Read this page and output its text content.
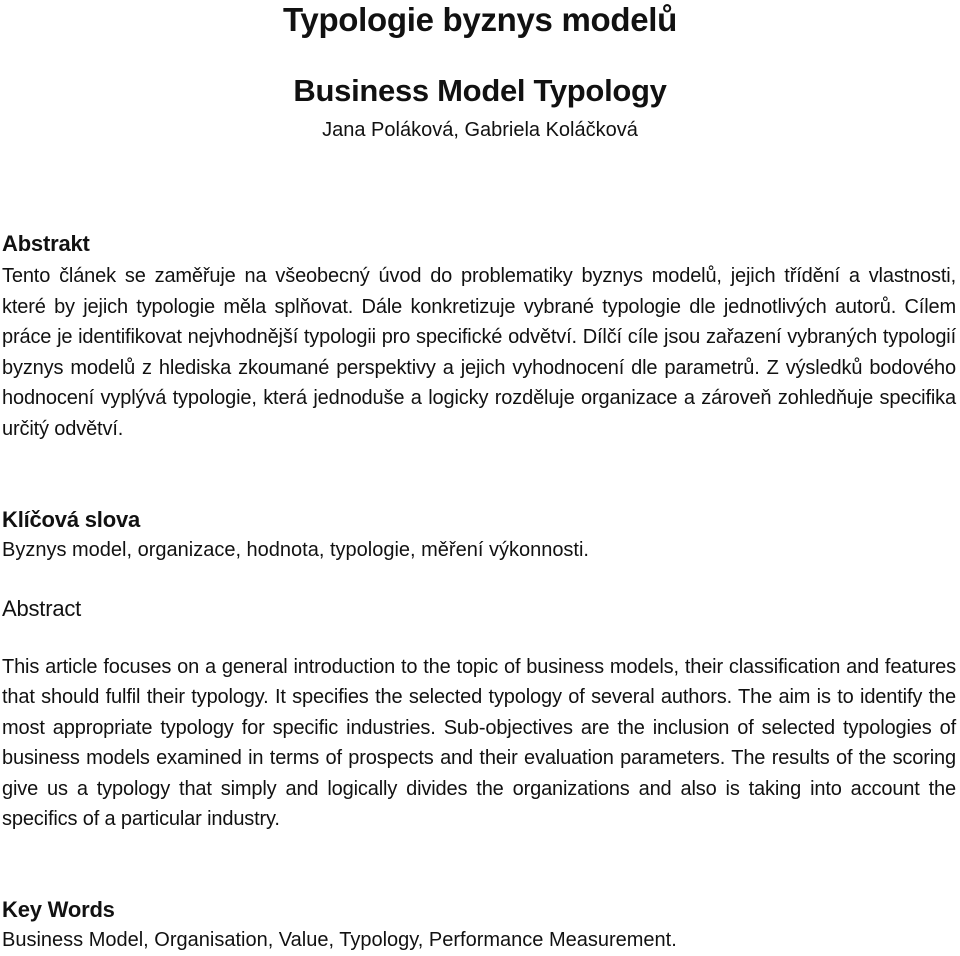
Typologie byznys modelů
Business Model Typology
Jana Poláková, Gabriela Koláčková
Abstrakt
Tento článek se zaměřuje na všeobecný úvod do problematiky byznys modelů, jejich třídění a vlastnosti, které by jejich typologie měla splňovat. Dále konkretizuje vybrané typologie dle jednotlivých autorů. Cílem práce je identifikovat nejvhodnější typologii pro specifické odvětví. Dílčí cíle jsou zařazení vybraných typologií byznys modelů z hlediska zkoumané perspektivy a jejich vyhodnocení dle parametrů. Z výsledků bodového hodnocení vyplývá typologie, která jednoduše a logicky rozděluje organizace a zároveň zohledňuje specifika určitý odvětví.
Klíčová slova
Byznys model, organizace, hodnota, typologie, měření výkonnosti.
Abstract
This article focuses on a general introduction to the topic of business models, their classification and features that should fulfil their typology. It specifies the selected typology of several authors. The aim is to identify the most appropriate typology for specific industries. Sub-objectives are the inclusion of selected typologies of business models examined in terms of prospects and their evaluation parameters. The results of the scoring give us a typology that simply and logically divides the organizations and also is taking into account the specifics of a particular industry.
Key Words
Business Model, Organisation, Value, Typology, Performance Measurement.
